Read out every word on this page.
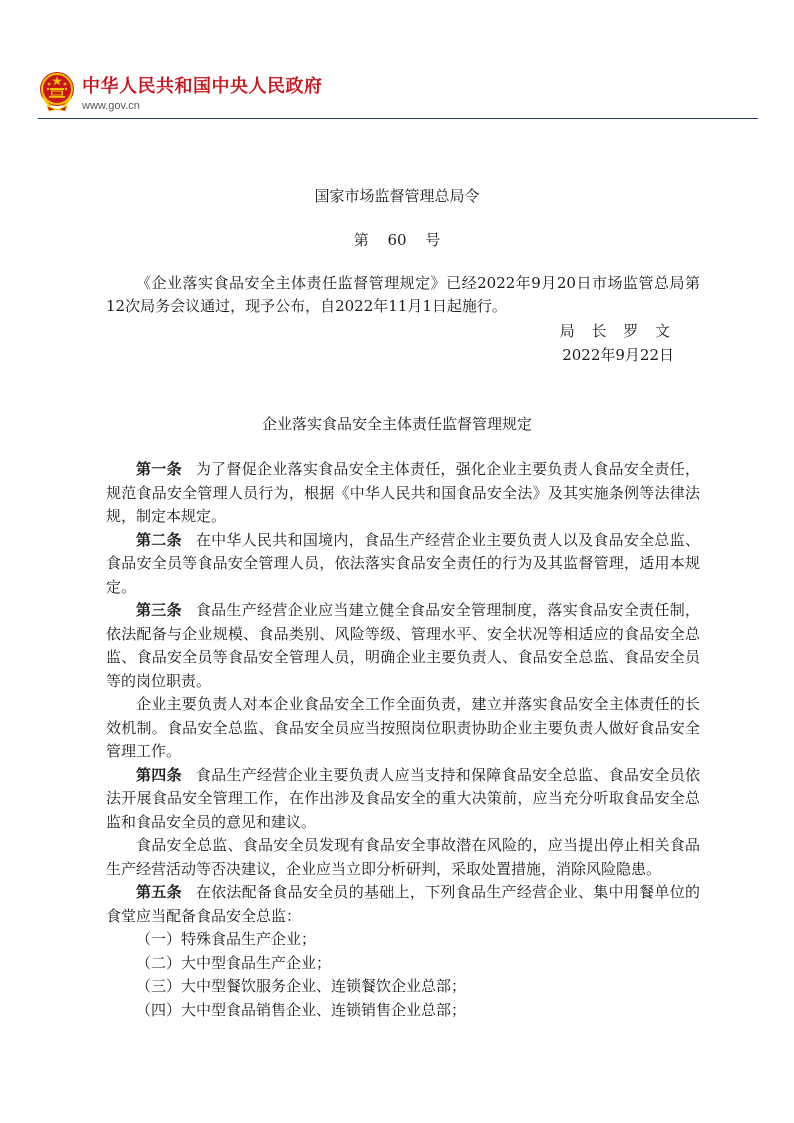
中华人民共和国中央人民政府
www.gov.cn
国家市场监督管理总局令
第 60 号

《企业落实食品安全主体责任监督管理规定》已经2022年9月20日市场监管总局第12次局务会议通过，现予公布，自2022年11月1日起施行。

局 长 罗 文
2022年9月22日
企业落实食品安全主体责任监督管理规定

第一条 为了督促企业落实食品安全主体责任，强化企业主要负责人食品安全责任，规范食品安全管理人员行为，根据《中华人民共和国食品安全法》及其实施条例等法律法规，制定本规定。

第二条 在中华人民共和国境内，食品生产经营企业主要负责人以及食品安全总监、食品安全员等食品安全管理人员，依法落实食品安全责任的行为及其监督管理，适用本规定。

第三条 食品生产经营企业应当建立健全食品安全管理制度，落实食品安全责任制，依法配备与企业规模、食品类别、风险等级、管理水平、安全状况等相适应的食品安全总监、食品安全员等食品安全管理人员，明确企业主要负责人、食品安全总监、食品安全员等的岗位职责。

企业主要负责人对本企业食品安全工作全面负责，建立并落实食品安全主体责任的长效机制。食品安全总监、食品安全员应当按照岗位职责协助企业主要负责人做好食品安全管理工作。

第四条 食品生产经营企业主要负责人应当支持和保障食品安全总监、食品安全员依法开展食品安全管理工作，在作出涉及食品安全的重大决策前，应当充分听取食品安全总监和食品安全员的意见和建议。

食品安全总监、食品安全员发现有食品安全事故潜在风险的，应当提出停止相关食品生产经营活动等否决建议，企业应当立即分析研判，采取处置措施，消除风险隐患。

第五条 在依法配备食品安全员的基础上，下列食品生产经营企业、集中用餐单位的食堂应当配备食品安全总监：

（一）特殊食品生产企业；

（二）大中型食品生产企业；

（三）大中型餐饮服务企业、连锁餐饮企业总部；

（四）大中型食品销售企业、连锁销售企业总部；
